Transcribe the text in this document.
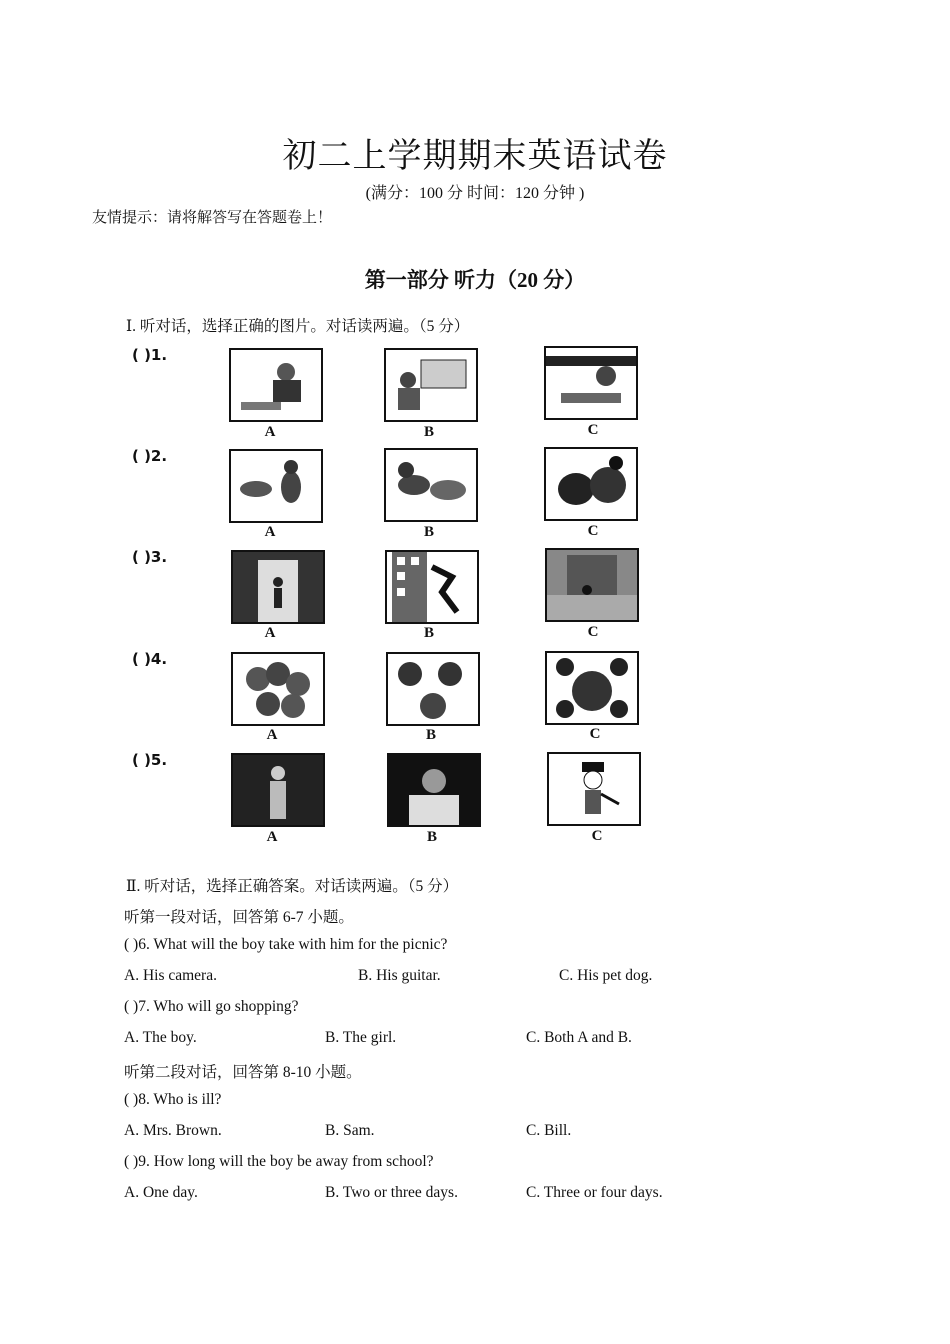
初二上学期期末英语试卷
(满分：100 分 时间：120 分钟 )
友情提示：请将解答写在答题卷上！
第一部分 听力（20 分）
Ⅰ. 听对话，选择正确的图片。对话读两遍。（5 分）
( )1.
A	B	C
( )2.
A	B	C
( )3.
A	B	C
( )4.
A	B	C
( )5.
A	B	C
Ⅱ. 听对话，选择正确答案。对话读两遍。（5 分）
听第一段对话，回答第 6-7 小题。
( )6. What will the boy take with him for the picnic?
A. His camera.	B. His guitar.	C. His pet dog.
( )7. Who will go shopping?
A. The boy.	B. The girl.	C. Both A and B.
听第二段对话，回答第 8-10 小题。
( )8. Who is ill?
A. Mrs. Brown.	B. Sam.	C. Bill.
( )9. How long will the boy be away from school?
A. One day.	B. Two or three days.	C. Three or four days.
